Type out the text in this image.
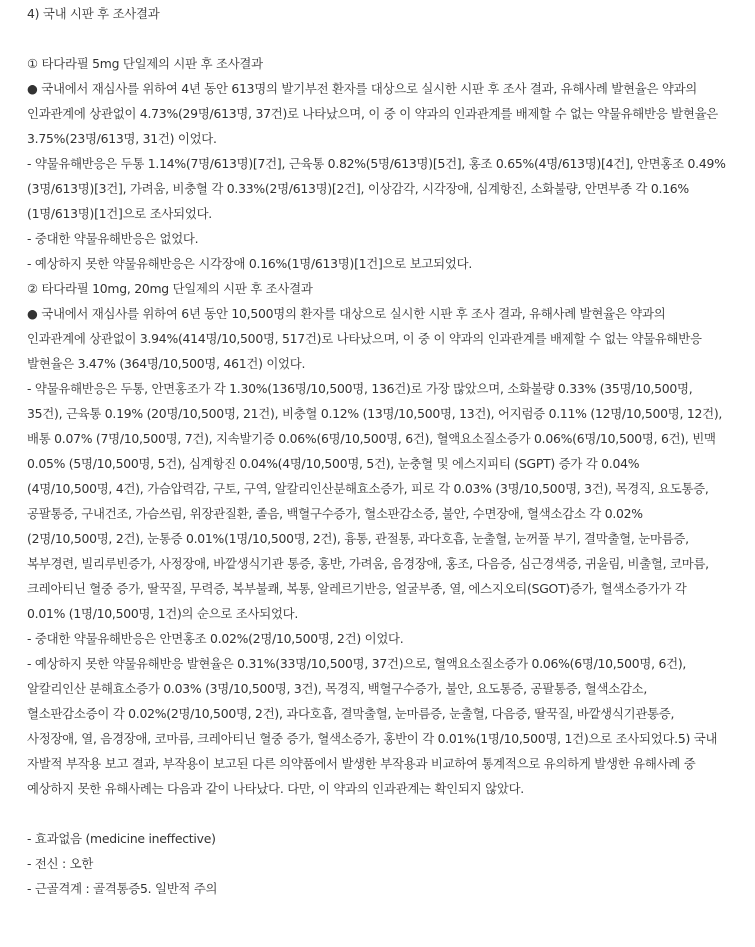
4) 국내 시판 후 조사결과

① 타다라필 5mg 단일제의 시판 후 조사결과

● 국내에서 재심사를 위하여 4년 동안 613명의 발기부전 환자를 대상으로 실시한 시판 후 조사 결과, 유해사례 발현율은 약과의 인과관계에 상관없이 4.73%(29명/613명, 37건)로 나타났으며, 이 중 이 약과의 인과관계를 배제할 수 없는 약물유해반응 발현율은 3.75%(23명/613명, 31건) 이었다.

- 약물유해반응은 두통 1.14%(7명/613명)[7건], 근육통 0.82%(5명/613명)[5건], 홍조 0.65%(4명/613명)[4건], 안면홍조 0.49%(3명/613명)[3건], 가려움, 비충혈 각 0.33%(2명/613명)[2건], 이상감각, 시각장애, 심계항진, 소화불량, 안면부종 각 0.16%(1명/613명)[1건]으로 조사되었다.

- 중대한 약물유해반응은 없었다.

- 예상하지 못한 약물유해반응은 시각장애 0.16%(1명/613명)[1건]으로 보고되었다.

② 타다라필 10mg, 20mg 단일제의 시판 후 조사결과

● 국내에서 재심사를 위하여 6년 동안 10,500명의 환자를 대상으로 실시한 시판 후 조사 결과, 유해사례 발현율은 약과의 인과관계에 상관없이 3.94%(414명/10,500명, 517건)로 나타났으며, 이 중 이 약과의 인과관계를 배제할 수 없는 약물유해반응 발현율은 3.47% (364명/10,500명, 461건) 이었다.

- 약물유해반응은 두통, 안면홍조가 각 1.30%(136명/10,500명, 136건)로 가장 많았으며, 소화불량 0.33% (35명/10,500명, 35건), 근육통 0.19% (20명/10,500명, 21건), 비충혈 0.12% (13명/10,500명, 13건), 어지럼증 0.11% (12명/10,500명, 12건), 배통 0.07% (7명/10,500명, 7건), 지속발기증 0.06%(6명/10,500명, 6건), 혈액요소질소증가 0.06%(6명/10,500명, 6건), 빈맥 0.05% (5명/10,500명, 5건), 심계항진 0.04%(4명/10,500명, 5건), 눈충혈 및 에스지피티 (SGPT) 증가 각 0.04% (4명/10,500명, 4건), 가슴압력감, 구토, 구역, 알칼리인산분해효소증가, 피로 각 0.03% (3명/10,500명, 3건), 목경직, 요도통증, 공팔통증, 구내건조, 가슴쓰림, 위장관질환, 졸음, 백혈구수증가, 혈소판감소증, 불안, 수면장애, 혈색소감소 각 0.02% (2명/10,500명, 2건), 눈통증 0.01%(1명/10,500명, 2건), 흉통, 관절통, 과다호흡, 눈출혈, 눈꺼풀 부기, 결막출혈, 눈마름증, 복부경련, 빌리루빈증가, 사정장애, 바깥생식기관 통증, 홍반, 가려움, 음경장애, 홍조, 다음증, 심근경색증, 귀울림, 비출혈, 코마름, 크레아티닌 혈중 증가, 딸꾹질, 무력증, 복부불쾌, 복통, 알레르기반응, 얼굴부종, 열, 에스지오티(SGOT)증가, 혈색소증가가 각 0.01% (1명/10,500명, 1건)의 순으로 조사되었다.

- 중대한 약물유해반응은 안면홍조 0.02%(2명/10,500명, 2건) 이었다.

- 예상하지 못한 약물유해반응 발현율은 0.31%(33명/10,500명, 37건)으로, 혈액요소질소증가 0.06%(6명/10,500명, 6건), 알칼리인산 분해효소증가 0.03% (3명/10,500명, 3건), 목경직, 백혈구수증가, 불안, 요도통증, 공팔통증, 혈색소감소, 혈소판감소증이 각 0.02%(2명/10,500명, 2건), 과다호흡, 결막출혈, 눈마름증, 눈출혈, 다음증, 딸꾹질, 바깥생식기관통증, 사정장애, 열, 음경장애, 코마름, 크레아티닌 혈중 증가, 혈색소증가, 홍반이 각 0.01%(1명/10,500명, 1건)으로 조사되었다.5) 국내 자발적 부작용 보고 결과, 부작용이 보고된 다른 의약품에서 발생한 부작용과 비교하여 통계적으로 유의하게 발생한 유해사례 중 예상하지 못한 유해사례는 다음과 같이 나타났다. 다만, 이 약과의 인과관계는 확인되지 않았다.

- 효과없음 (medicine ineffective)

- 전신 : 오한

- 근골격계 : 골격통증5. 일반적 주의
